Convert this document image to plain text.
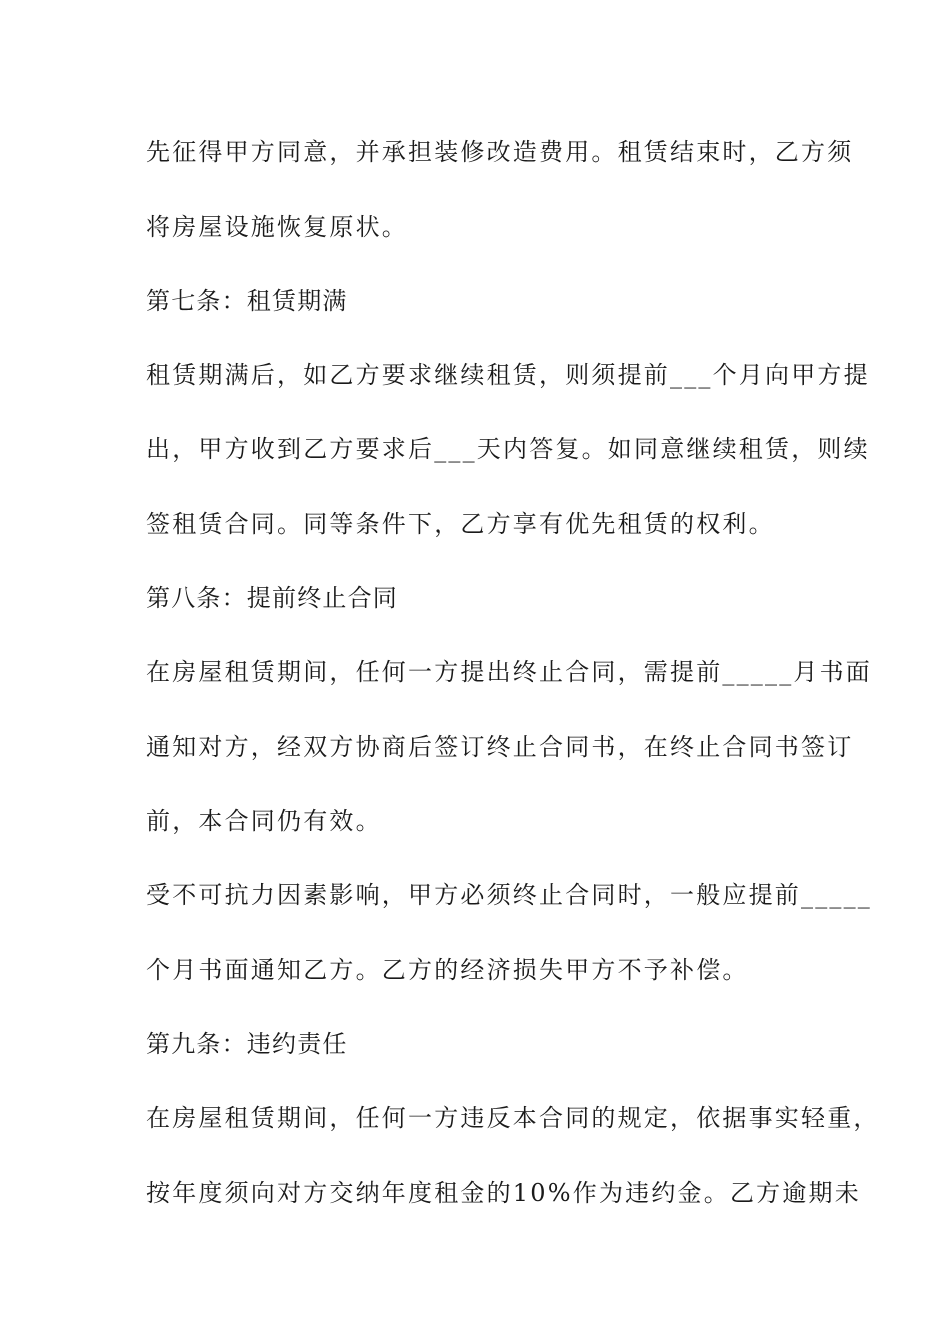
先征得甲方同意，并承担装修改造费用。租赁结束时，乙方须
将房屋设施恢复原状。
第七条：租赁期满
租赁期满后，如乙方要求继续租赁，则须提前___个月向甲方提
出，甲方收到乙方要求后___天内答复。如同意继续租赁，则续
签租赁合同。同等条件下，乙方享有优先租赁的权利。
第八条：提前终止合同
在房屋租赁期间，任何一方提出终止合同，需提前_____月书面
通知对方，经双方协商后签订终止合同书，在终止合同书签订
前，本合同仍有效。
受不可抗力因素影响，甲方必须终止合同时，一般应提前_____
个月书面通知乙方。乙方的经济损失甲方不予补偿。
第九条：违约责任
在房屋租赁期间，任何一方违反本合同的规定，依据事实轻重，
按年度须向对方交纳年度租金的10%作为违约金。乙方逾期未
